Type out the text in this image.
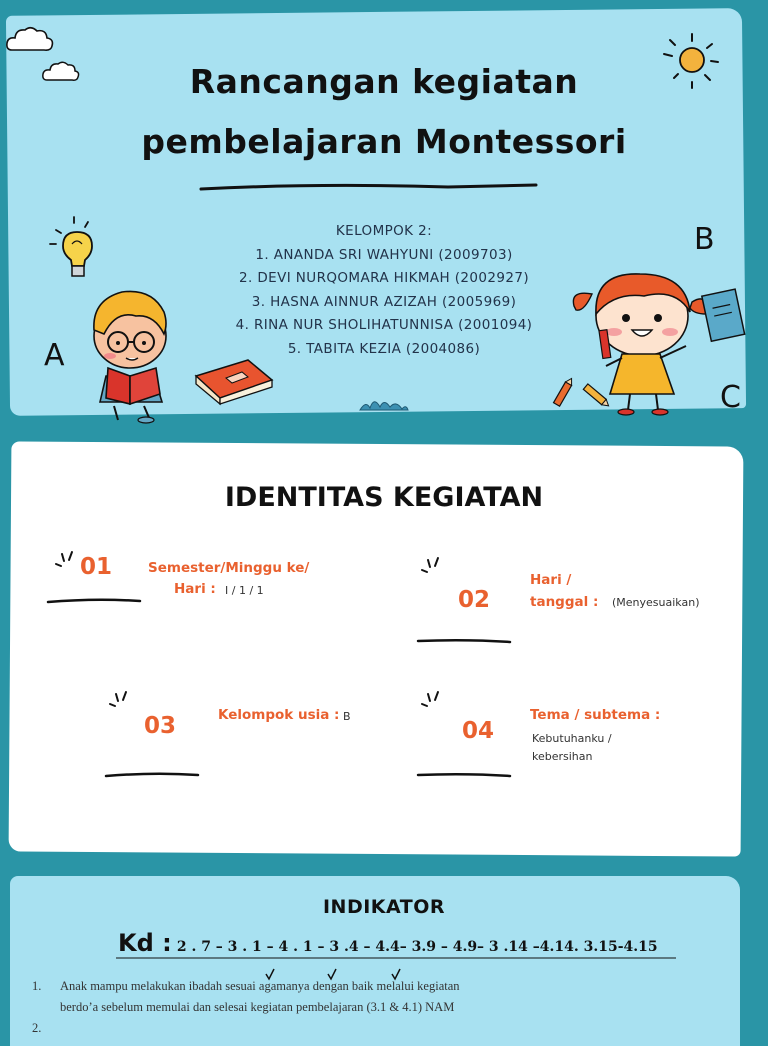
Rancangan kegiatan
pembelajaran Montessori
KELOMPOK 2:
1. ANANDA SRI WAHYUNI (2009703)
2. DEVI NURQOMARA HIKMAH (2002927)
3. HASNA AINNUR AZIZAH (2005969)
4. RINA NUR SHOLIHATUNNISA (2001094)
5. TABITA KEZIA (2004086)
A
B
C
IDENTITAS KEGIATAN
01	Semester/Minggu ke/
Hari : I / 1 / 1	02
Hari /
tanggal : (Menyesuaikan)
03	Kelompok usia : B
04
Tema / subtema :
Kebutuhanku /
kebersihan
INDIKATOR
Kd : 2 . 7 – 3 . 1 – 4 . 1 – 3 .4 – 4.4– 3.9 – 4.9– 3 .14 –4.14. 3.15-4.15
1. Anak mampu melakukan ibadah sesuai agamanya dengan baik melalui kegiatan
berdo’a sebelum memulai dan selesai kegiatan pembelajaran (3.1 & 4.1) NAM
2.
